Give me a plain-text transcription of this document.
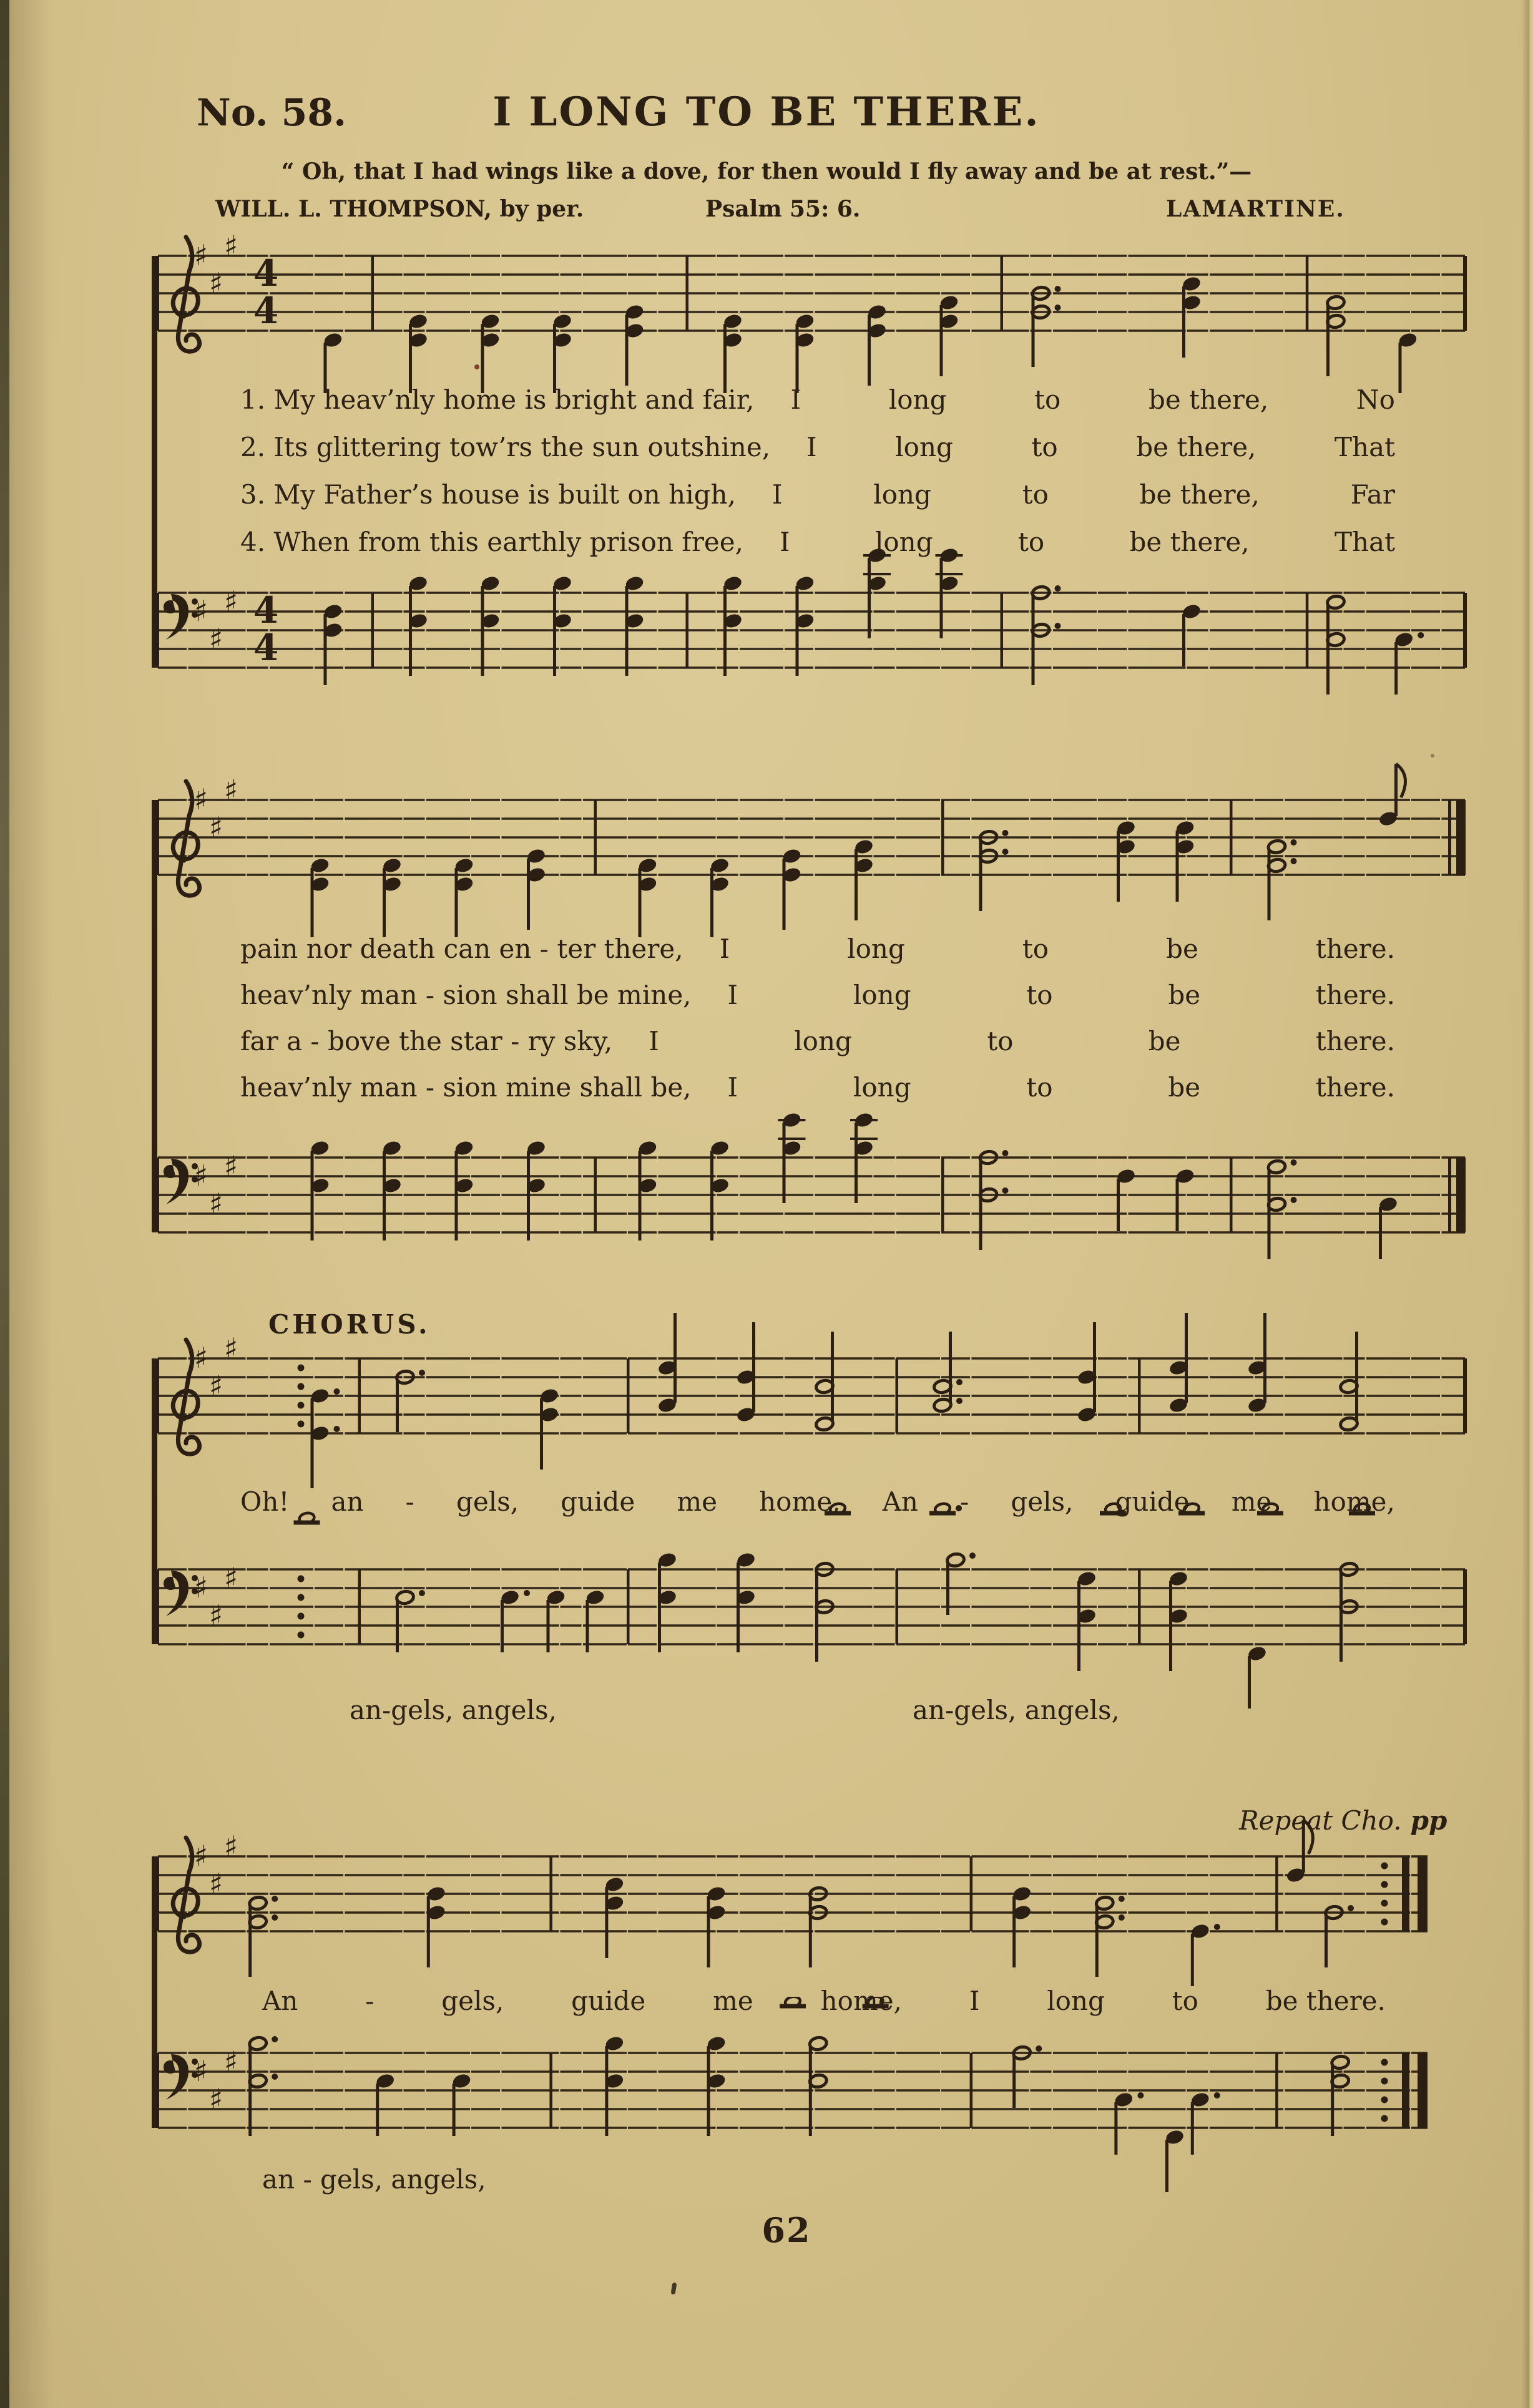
No. 58.	I LONG TO BE THERE.
“ Oh, that I had wings like a dove, for then would I fly away and be at rest.”—
WILL. L. THOMPSON, by per.	Psalm 55: 6.	LAMARTINE.
♯
♯
♯
4
4
♯
♯
♯ 4
4
♯
♯
♯
♯
♯
♯
♯
♯
♯
♯
♯
♯
♯
♯
♯
♯
♯
♯
1. My heav’nly home is bright and fair, I	long	to	be there,	No
2. Its glittering tow’rs the sun outshine, I	long	to	be there,	That
3. My Father’s house is built on high, I	long	to	be there,	Far
4. When from this earthly prison free, I	long	to	be there,	That
pain nor death can en - ter there, I	long	to	be	there.
heav’nly man - sion shall be mine, I	long	to	be	there.
far a - bove the star - ry sky, I	long	to	be	there.
heav’nly man - sion mine shall be, I	long	to	be	there.
CHORUS.
Oh! an - gels, guide me home, An - gels, guide me home,
an-gels, angels,	an-gels, angels,
Repeat Cho. pp
An	-	gels,	guide	me	home,	I	long	to	be there.
an - gels, angels,
62
